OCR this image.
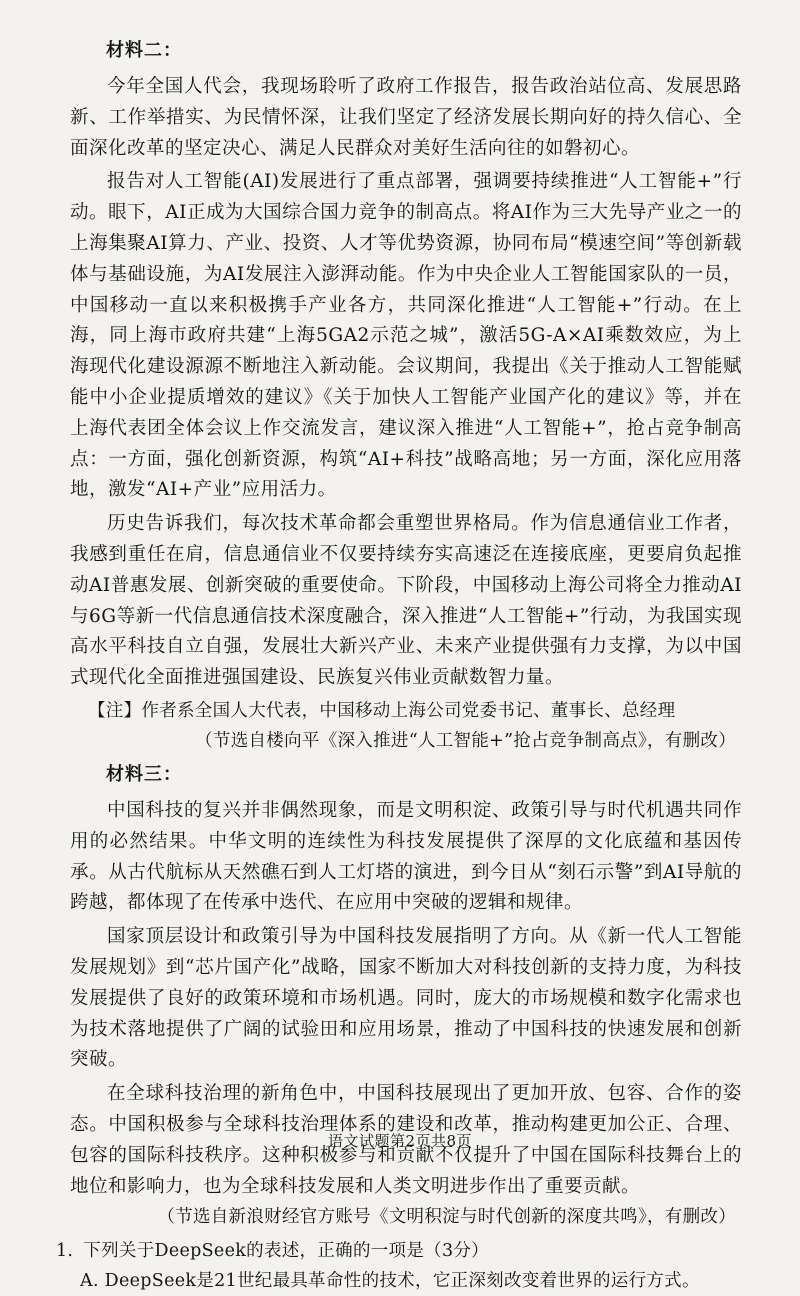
材料二：

今年全国人代会，我现场聆听了政府工作报告，报告政治站位高、发展思路新、工作举措实、为民情怀深，让我们坚定了经济发展长期向好的持久信心、全面深化改革的坚定决心、满足人民群众对美好生活向往的如磐初心。

报告对人工智能(AI)发展进行了重点部署，强调要持续推进“人工智能+”行动。眼下，AI正成为大国综合国力竞争的制高点。将AI作为三大先导产业之一的上海集聚AI算力、产业、投资、人才等优势资源，协同布局“模速空间”等创新载体与基础设施，为AI发展注入澎湃动能。作为中央企业人工智能国家队的一员，中国移动一直以来积极携手产业各方，共同深化推进“人工智能+”行动。在上海，同上海市政府共建“上海5GA2示范之城”，激活5G-A×AI乘数效应，为上海现代化建设源源不断地注入新动能。会议期间，我提出《关于推动人工智能赋能中小企业提质增效的建议》《关于加快人工智能产业国产化的建议》等，并在上海代表团全体会议上作交流发言，建议深入推进“人工智能+”，抢占竞争制高点：一方面，强化创新资源，构筑“AI+科技”战略高地；另一方面，深化应用落地，激发“AI+产业”应用活力。

历史告诉我们，每次技术革命都会重塑世界格局。作为信息通信业工作者，我感到重任在肩，信息通信业不仅要持续夯实高速泛在连接底座，更要肩负起推动AI普惠发展、创新突破的重要使命。下阶段，中国移动上海公司将全力推动AI与6G等新一代信息通信技术深度融合，深入推进“人工智能+”行动，为我国实现高水平科技自立自强，发展壮大新兴产业、未来产业提供强有力支撑，为以中国式现代化全面推进强国建设、民族复兴伟业贡献数智力量。

【注】作者系全国人大代表，中国移动上海公司党委书记、董事长、总经理
（节选自楼向平《深入推进“人工智能+”抢占竞争制高点》，有删改）
材料三：

中国科技的复兴并非偶然现象，而是文明积淀、政策引导与时代机遇共同作用的必然结果。中华文明的连续性为科技发展提供了深厚的文化底蕴和基因传承。从古代航标从天然礁石到人工灯塔的演进，到今日从“刻石示警”到AI导航的跨越，都体现了在传承中迭代、在应用中突破的逻辑和规律。

国家顶层设计和政策引导为中国科技发展指明了方向。从《新一代人工智能发展规划》到“芯片国产化”战略，国家不断加大对科技创新的支持力度，为科技发展提供了良好的政策环境和市场机遇。同时，庞大的市场规模和数字化需求也为技术落地提供了广阔的试验田和应用场景，推动了中国科技的快速发展和创新突破。

在全球科技治理的新角色中，中国科技展现出了更加开放、包容、合作的姿态。中国积极参与全球科技治理体系的建设和改革，推动构建更加公正、合理、包容的国际科技秩序。这种积极参与和贡献不仅提升了中国在国际科技舞台上的地位和影响力，也为全球科技发展和人类文明进步作出了重要贡献。

（节选自新浪财经官方账号《文明积淀与时代创新的深度共鸣》，有删改）
1. 下列关于DeepSeek的表述，正确的一项是（3分）
A. DeepSeek是21世纪最具革命性的技术，它正深刻改变着世界的运行方式。
语文试题第2页共8页
